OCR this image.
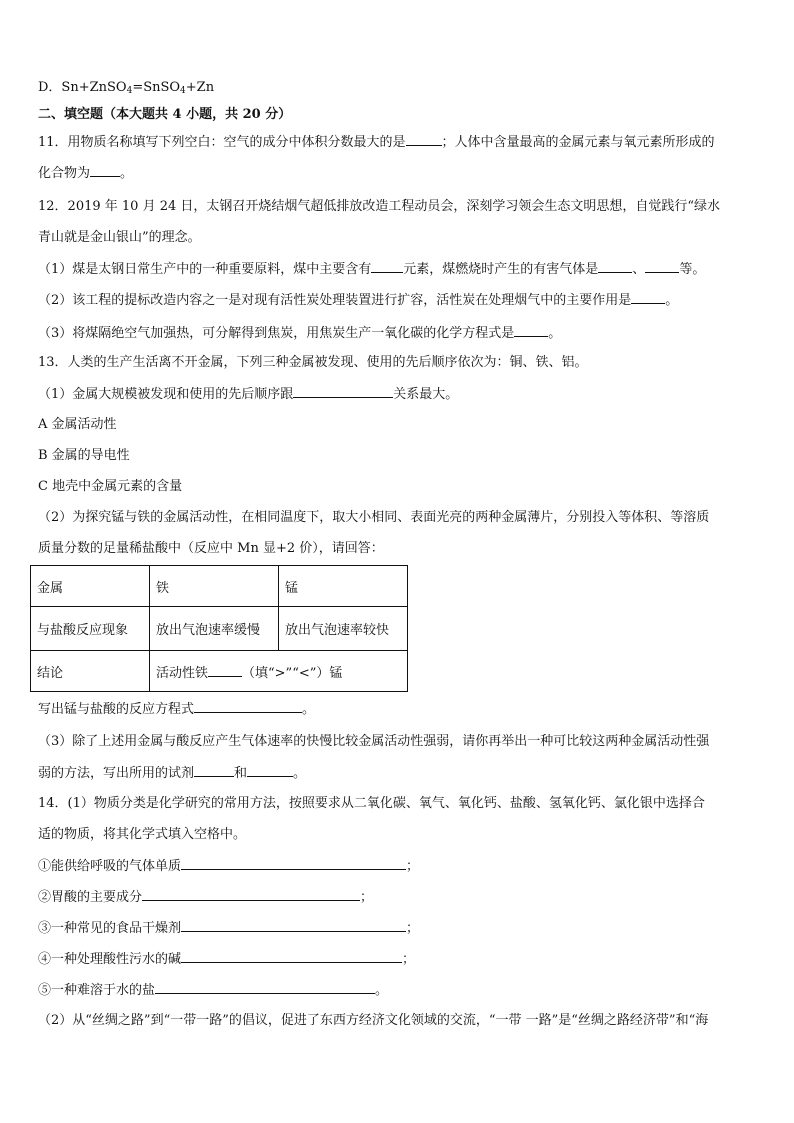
D．Sn+ZnSO$_4$=SnSO$_4$+Zn
二、填空题（本大题共 4 小题，共 20 分）
11．用物质名称填写下列空白：空气的成分中体积分数最大的是	；人体中含量最高的金属元素与氧元素所形成的
化合物为 。
12．2019 年 10 月 24 日，太钢召开烧结烟气超低排放改造工程动员会，深刻学习领会生态文明思想，自觉践行“绿水
青山就是金山银山”的理念。
（1）煤是太钢日常生产中的一种重要原料，煤中主要含有 元素，煤燃烧时产生的有害气体是	、	等。
（2）该工程的提标改造内容之一是对现有活性炭处理装置进行扩容，活性炭在处理烟气中的主要作用是	。
（3）将煤隔绝空气加强热，可分解得到焦炭，用焦炭生产一氧化碳的化学方程式是	。
13．人类的生产生活离不开金属，下列三种金属被发现、使用的先后顺序依次为：铜、铁、铝。
（1）金属大规模被发现和使用的先后顺序跟	关系最大。
A 金属活动性
B 金属的导电性
C 地壳中金属元素的含量
（2）为探究锰与铁的金属活动性，在相同温度下，取大小相同、表面光亮的两种金属薄片，分别投入等体积、等溶质
质量分数的足量稀盐酸中（反应中 Mn 显+2 价），请回答：
金属	铁	锰
与盐酸反应现象	放出气泡速率缓慢	放出气泡速率较快
结论	活动性铁 （填“>”“<”）锰	
写出锰与盐酸的反应方程式	。
（3）除了上述用金属与酸反应产生气体速率的快慢比较金属活动性强弱，请你再举出一种可比较这两种金属活动性强
弱的方法，写出所用的试剂	和	。
14．(1）物质分类是化学研究的常用方法，按照要求从二氧化碳、氧气、氧化钙、盐酸、氢氧化钙、氯化银中选择合
适的物质，将其化学式填入空格中。
①能供给呼吸的气体单质	；
②胃酸的主要成分	；
③一种常见的食品干燥剂	；
④一种处理酸性污水的碱	；
⑤一种难溶于水的盐	。
（2）从“丝绸之路”到“一带一路”的倡议，促进了东西方经济文化领域的交流，“一带 一路”是“丝绸之路经济带”和“海
